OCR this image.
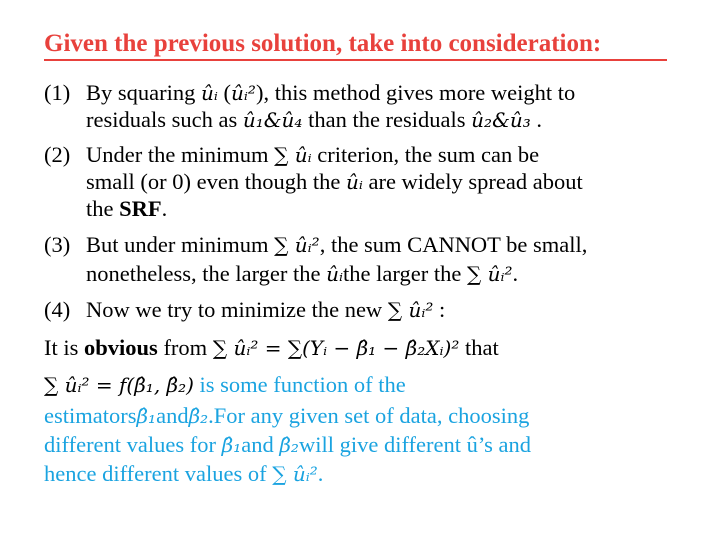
Given the previous solution, take into consideration:
(1) By squaring ûᵢ (ûᵢ²), this method gives more weight to
residuals such as û₁&û₄ than the residuals û₂&û₃ .
(2) Under the minimum ∑ ûᵢ criterion, the sum can be
small (or 0) even though the ûᵢ are widely spread about
the SRF.
(3) But under minimum ∑ ûᵢ², the sum CANNOT be small,
nonetheless, the larger the ûᵢthe larger the ∑ ûᵢ².
(4) Now we try to minimize the new ∑ ûᵢ² :
It is obvious from ∑ ûᵢ² = ∑(Yᵢ − β̂₁ − β̂₂Xᵢ)² that
∑ ûᵢ² = f(β̂₁, β̂₂) is some function of the
estimatorsβ̂₁andβ̂₂.For any given set of data, choosing
different values for β̂₁and β̂₂will give different û’s and
hence different values of ∑ ûᵢ².
